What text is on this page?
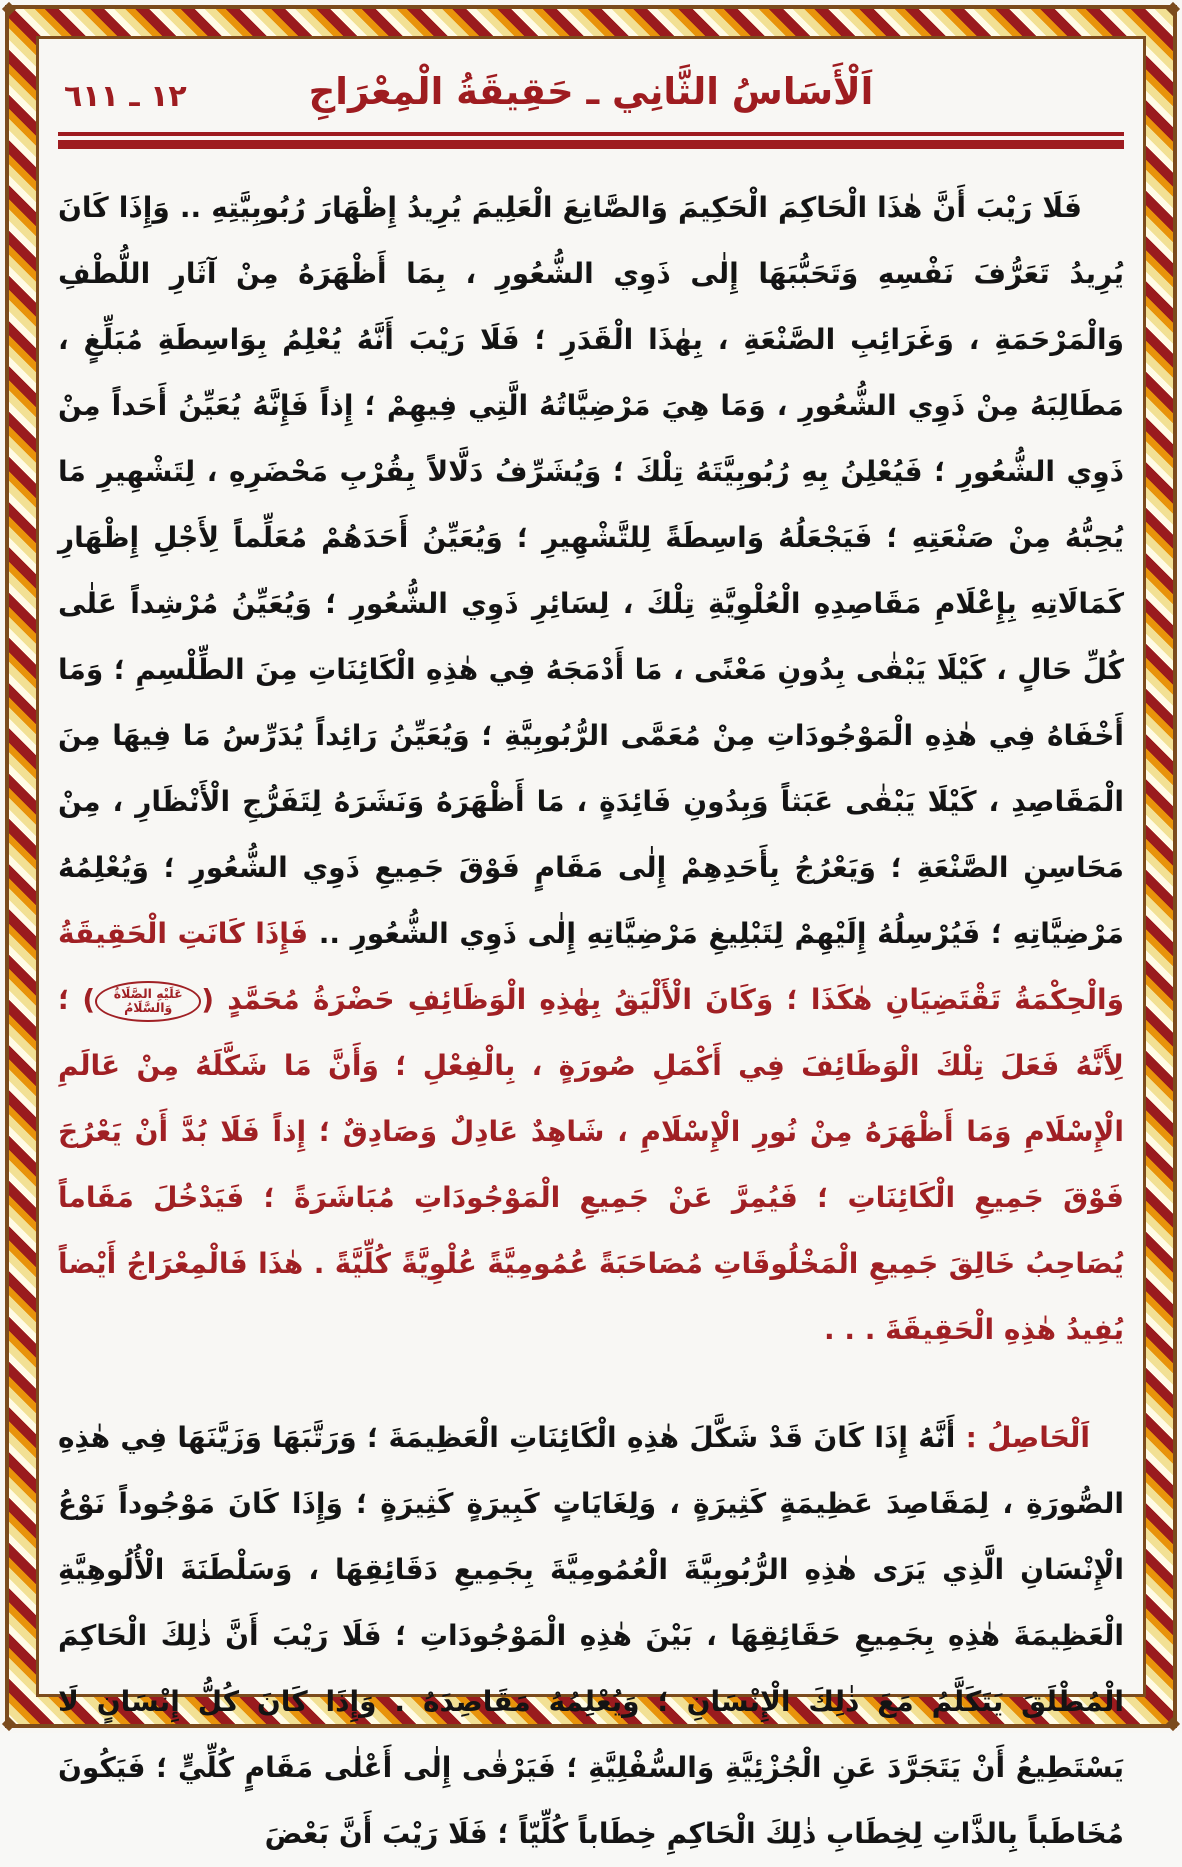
اَلْأَسَاسُ الثَّانِي ـ حَقِيقَةُ الْمِعْرَاجِ
١٢ ـ ٦١١

فَلَا رَيْبَ أَنَّ هٰذَا الْحَاكِمَ الْحَكِيمَ وَالصَّانِعَ الْعَلِيمَ يُرِيدُ إِظْهَارَ رُبُوبِيَّتِهِ .. وَإِذَا كَانَ يُرِيدُ تَعَرُّفَ نَفْسِهِ وَتَحَبُّبَهَا إِلٰى ذَوِي الشُّعُورِ ، بِمَا أَظْهَرَهُ مِنْ آثَارِ اللُّطْفِ وَالْمَرْحَمَةِ ، وَغَرَائِبِ الصَّنْعَةِ ، بِهٰذَا الْقَدَرِ ؛ فَلَا رَيْبَ أَنَّهُ يُعْلِمُ بِوَاسِطَةِ مُبَلِّغٍ ، مَطَالِبَهُ مِنْ ذَوِي الشُّعُورِ ، وَمَا هِيَ مَرْضِيَّاتُهُ الَّتِي فِيهِمْ ؛ إِذاً فَإِنَّهُ يُعَيِّنُ أَحَداً مِنْ ذَوِي الشُّعُورِ ؛ فَيُعْلِنُ بِهِ رُبُوبِيَّتَهُ تِلْكَ ؛ وَيُشَرِّفُ دَلَّالاً بِقُرْبِ مَحْضَرِهِ ، لِتَشْهِيرِ مَا يُحِبُّهُ مِنْ صَنْعَتِهِ ؛ فَيَجْعَلُهُ وَاسِطَةً لِلتَّشْهِيرِ ؛ وَيُعَيِّنُ أَحَدَهُمْ مُعَلِّماً لِأَجْلِ إِظْهَارِ كَمَالَاتِهِ بِإِعْلَامِ مَقَاصِدِهِ الْعُلْوِيَّةِ تِلْكَ ، لِسَائِرِ ذَوِي الشُّعُورِ ؛ وَيُعَيِّنُ مُرْشِداً عَلٰى كُلِّ حَالٍ ، كَيْلَا يَبْقٰى بِدُونِ مَعْنًى ، مَا أَدْمَجَهُ فِي هٰذِهِ الْكَائِنَاتِ مِنَ الطِّلْسِمِ ؛ وَمَا أَخْفَاهُ فِي هٰذِهِ الْمَوْجُودَاتِ مِنْ مُعَمَّى الرُّبُوبِيَّةِ ؛ وَيُعَيِّنُ رَائِداً يُدَرِّسُ مَا فِيهَا مِنَ الْمَقَاصِدِ ، كَيْلَا يَبْقٰى عَبَثاً وَبِدُونِ فَائِدَةٍ ، مَا أَظْهَرَهُ وَنَشَرَهُ لِتَفَرُّجِ الْأَنْظَارِ ، مِنْ مَحَاسِنِ الصَّنْعَةِ ؛ وَيَعْرُجُ بِأَحَدِهِمْ إِلٰى مَقَامٍ فَوْقَ جَمِيعِ ذَوِي الشُّعُورِ ؛ وَيُعْلِمُهُ مَرْضِيَّاتِهِ ؛ فَيُرْسِلُهُ إِلَيْهِمْ لِتَبْلِيغِ مَرْضِيَّاتِهِ إِلٰى ذَوِي الشُّعُورِ .. فَإِذَا كَانَتِ الْحَقِيقَةُ وَالْحِكْمَةُ تَقْتَضِيَانِ هٰكَذَا ؛ وَكَانَ الْأَلْيَقُ بِهٰذِهِ الْوَظَائِفِ حَضْرَةُ مُحَمَّدٍ (عَلَيْهِ الصَّلَاةُ وَالسَّلَامُ) ؛ لِأَنَّهُ فَعَلَ تِلْكَ الْوَظَائِفَ فِي أَكْمَلِ صُورَةٍ ، بِالْفِعْلِ ؛ وَأَنَّ مَا شَكَّلَهُ مِنْ عَالَمِ الْإِسْلَامِ وَمَا أَظْهَرَهُ مِنْ نُورِ الْإِسْلَامِ ، شَاهِدٌ عَادِلٌ وَصَادِقٌ ؛ إِذاً فَلَا بُدَّ أَنْ يَعْرُجَ فَوْقَ جَمِيعِ الْكَائِنَاتِ ؛ فَيُمِرَّ عَنْ جَمِيعِ الْمَوْجُودَاتِ مُبَاشَرَةً ؛ فَيَدْخُلَ مَقَاماً يُصَاحِبُ خَالِقَ جَمِيعِ الْمَخْلُوقَاتِ مُصَاحَبَةً عُمُومِيَّةً عُلْوِيَّةً كُلِّيَّةً . هٰذَا فَالْمِعْرَاجُ أَيْضاً يُفِيدُ هٰذِهِ الْحَقِيقَةَ . . .

اَلْحَاصِلُ : أَنَّهُ إِذَا كَانَ قَدْ شَكَّلَ هٰذِهِ الْكَائِنَاتِ الْعَظِيمَةَ ؛ وَرَتَّبَهَا وَزَيَّنَهَا فِي هٰذِهِ الصُّورَةِ ، لِمَقَاصِدَ عَظِيمَةٍ كَثِيرَةٍ ، وَلِغَايَاتٍ كَبِيرَةٍ كَثِيرَةٍ ؛ وَإِذَا كَانَ مَوْجُوداً نَوْعُ الْإِنْسَانِ الَّذِي يَرَى هٰذِهِ الرُّبُوبِيَّةَ الْعُمُومِيَّةَ بِجَمِيعِ دَقَائِقِهَا ، وَسَلْطَنَةَ الْأُلُوهِيَّةِ الْعَظِيمَةَ هٰذِهِ بِجَمِيعِ حَقَائِقِهَا ، بَيْنَ هٰذِهِ الْمَوْجُودَاتِ ؛ فَلَا رَيْبَ أَنَّ ذٰلِكَ الْحَاكِمَ الْمُطْلَقَ يَتَكَلَّمُ مَعَ ذٰلِكَ الْإِنْسَانِ ؛ وَيُعْلِمُهُ مَقَاصِدَهُ . وَإِذَا كَانَ كُلُّ إِنْسَانٍ لَا يَسْتَطِيعُ أَنْ يَتَجَرَّدَ عَنِ الْجُزْئِيَّةِ وَالسُّفْلِيَّةِ ؛ فَيَرْقٰى إِلٰى أَعْلٰى مَقَامٍ كُلِّيٍّ ؛ فَيَكُونَ مُخَاطَباً بِالذَّاتِ لِخِطَابِ ذٰلِكَ الْحَاكِمِ خِطَاباً كُلِّيّاً ؛ فَلَا رَيْبَ أَنَّ بَعْضَ
